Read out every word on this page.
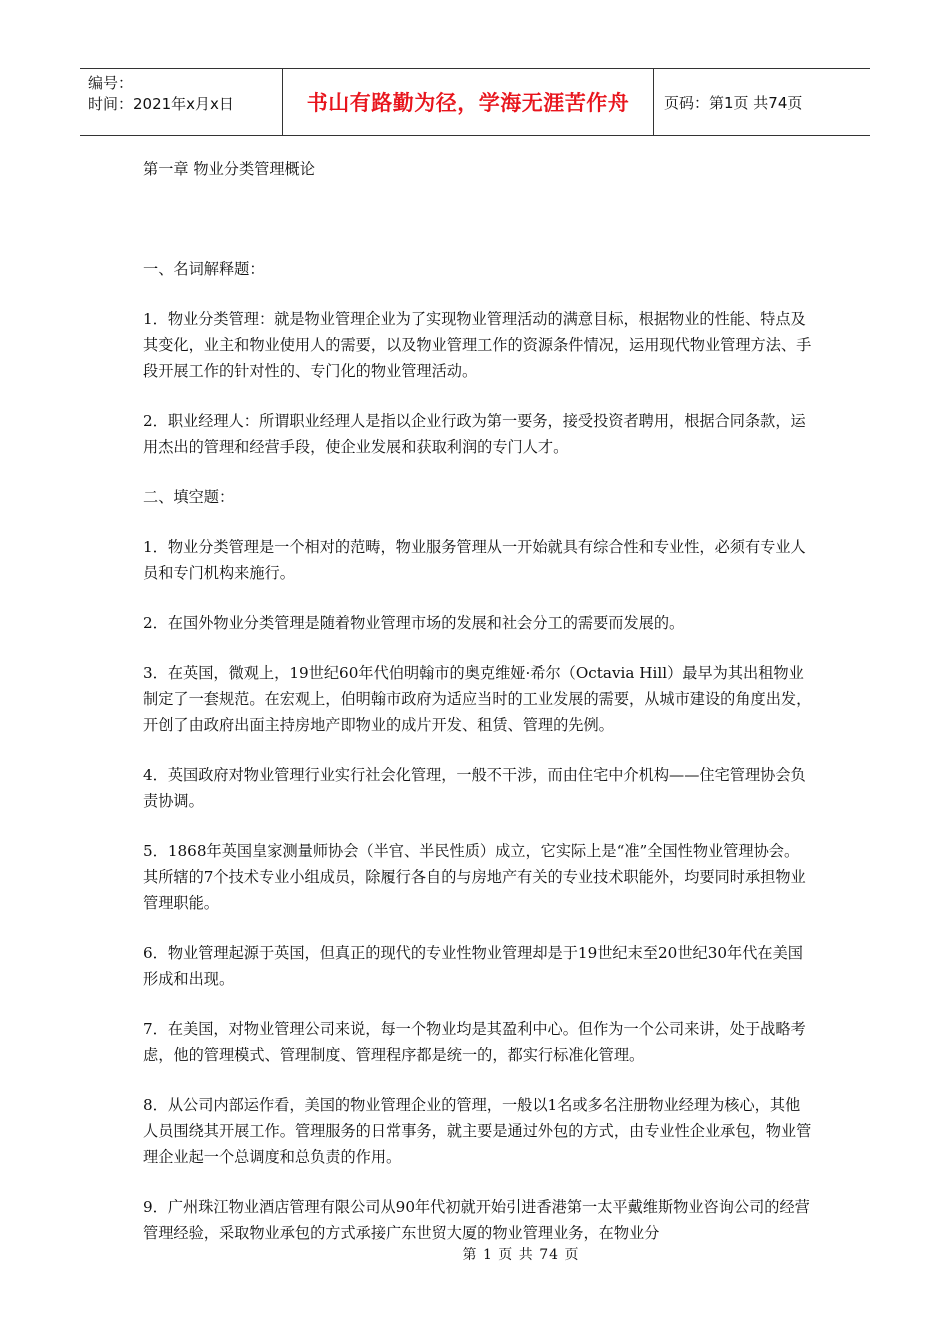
编号：
时间：2021年x月x日	书山有路勤为径，学海无涯苦作舟	页码：第1页 共74页

第一章 物业分类管理概论

一、名词解释题：

1．物业分类管理：就是物业管理企业为了实现物业管理活动的满意目标，根据物业的性能、特点及其变化，业主和物业使用人的需要，以及物业管理工作的资源条件情况，运用现代物业管理方法、手段开展工作的针对性的、专门化的物业管理活动。

2．职业经理人：所谓职业经理人是指以企业行政为第一要务，接受投资者聘用，根据合同条款，运用杰出的管理和经营手段，使企业发展和获取利润的专门人才。

二、填空题：

1．物业分类管理是一个相对的范畴，物业服务管理从一开始就具有综合性和专业性，必须有专业人员和专门机构来施行。

2．在国外物业分类管理是随着物业管理市场的发展和社会分工的需要而发展的。

3．在英国，微观上，19世纪60年代伯明翰市的奥克维娅·希尔（Octavia Hill）最早为其出租物业制定了一套规范。在宏观上，伯明翰市政府为适应当时的工业发展的需要，从城市建设的角度出发，开创了由政府出面主持房地产即物业的成片开发、租赁、管理的先例。

4．英国政府对物业管理行业实行社会化管理，一般不干涉，而由住宅中介机构——住宅管理协会负责协调。

5．1868年英国皇家测量师协会（半官、半民性质）成立，它实际上是“准”全国性物业管理协会。其所辖的7个技术专业小组成员，除履行各自的与房地产有关的专业技术职能外，均要同时承担物业管理职能。

6．物业管理起源于英国，但真正的现代的专业性物业管理却是于19世纪末至20世纪30年代在美国形成和出现。

7．在美国，对物业管理公司来说，每一个物业均是其盈利中心。但作为一个公司来讲，处于战略考虑，他的管理模式、管理制度、管理程序都是统一的，都实行标准化管理。

8．从公司内部运作看，美国的物业管理企业的管理，一般以1名或多名注册物业经理为核心，其他人员围绕其开展工作。管理服务的日常事务，就主要是通过外包的方式，由专业性企业承包，物业管理企业起一个总调度和总负责的作用。

9．广州珠江物业酒店管理有限公司从90年代初就开始引进香港第一太平戴维斯物业咨询公司的经营管理经验，采取物业承包的方式承接广东世贸大厦的物业管理业务，在物业分

第 1 页 共 74 页
